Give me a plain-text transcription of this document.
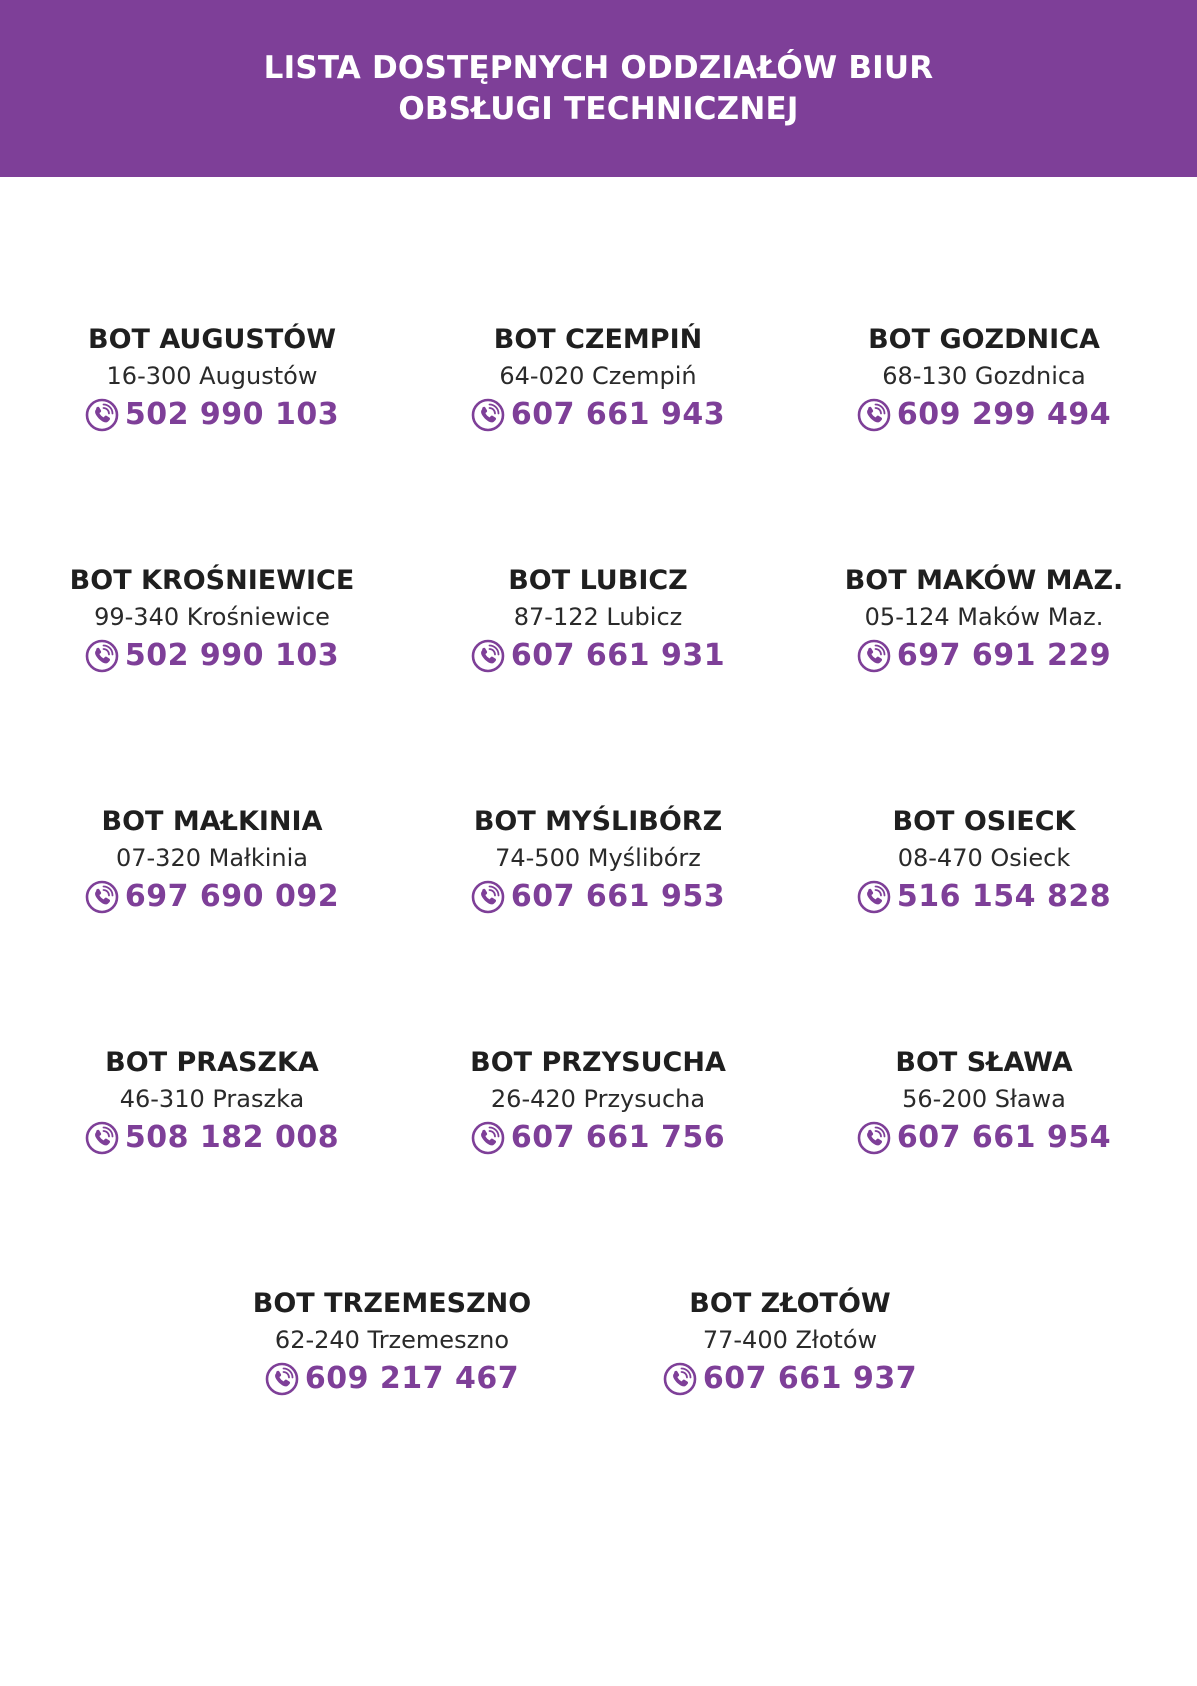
LISTA DOSTĘPNYCH ODDZIAŁÓW BIUR
OBSŁUGI TECHNICZNEJ
BOT AUGUSTÓW
16-300 Augustów
502 990 103
BOT CZEMPIŃ
64-020 Czempiń
607 661 943
BOT GOZDNICA
68-130 Gozdnica
609 299 494
BOT KROŚNIEWICE
99-340 Krośniewice
502 990 103
BOT LUBICZ
87-122 Lubicz
607 661 931
BOT MAKÓW MAZ.
05-124 Maków Maz.
697 691 229
BOT MAŁKINIA
07-320 Małkinia
697 690 092
BOT MYŚLIBÓRZ
74-500 Myślibórz
607 661 953
BOT OSIECK
08-470 Osieck
516 154 828
BOT PRASZKA
46-310 Praszka
508 182 008
BOT PRZYSUCHA
26-420 Przysucha
607 661 756
BOT SŁAWA
56-200 Sława
607 661 954
BOT TRZEMESZNO
62-240 Trzemeszno
609 217 467
BOT ZŁOTÓW
77-400 Złotów
607 661 937
